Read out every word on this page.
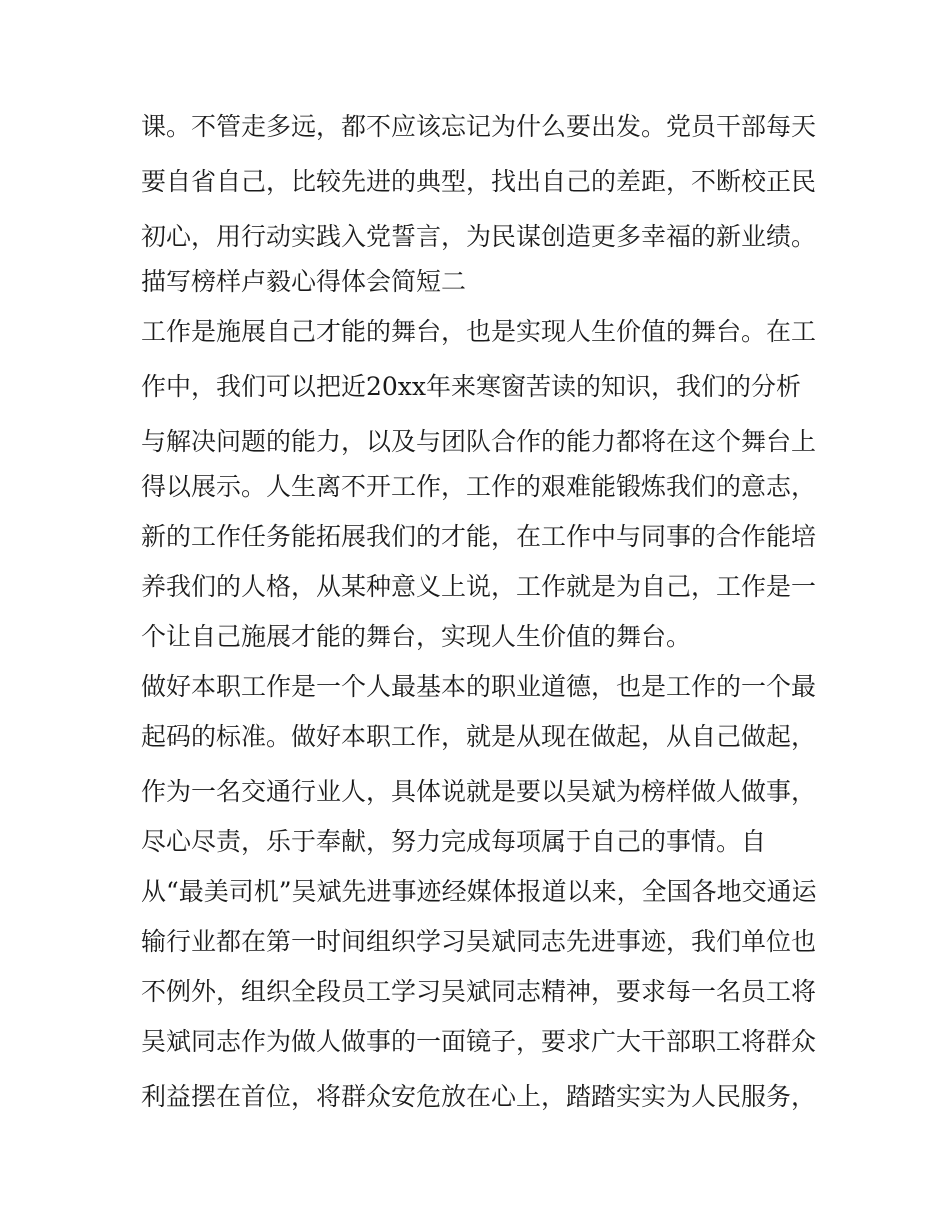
课。不管走多远，都不应该忘记为什么要出发。党员干部每天
要自省自己，比较先进的典型，找出自己的差距，不断校正民
初心，用行动实践入党誓言，为民谋创造更多幸福的新业绩。
描写榜样卢毅心得体会简短二
工作是施展自己才能的舞台，也是实现人生价值的舞台。在工
作中，我们可以把近20xx年来寒窗苦读的知识，我们的分析
与解决问题的能力，以及与团队合作的能力都将在这个舞台上
得以展示。人生离不开工作，工作的艰难能锻炼我们的意志，
新的工作任务能拓展我们的才能，在工作中与同事的合作能培
养我们的人格，从某种意义上说，工作就是为自己，工作是一
个让自己施展才能的舞台，实现人生价值的舞台。
做好本职工作是一个人最基本的职业道德，也是工作的一个最
起码的标准。做好本职工作，就是从现在做起，从自己做起，
作为一名交通行业人，具体说就是要以吴斌为榜样做人做事，
尽心尽责，乐于奉献，努力完成每项属于自己的事情。自
从“最美司机”吴斌先进事迹经媒体报道以来，全国各地交通运
输行业都在第一时间组织学习吴斌同志先进事迹，我们单位也
不例外，组织全段员工学习吴斌同志精神，要求每一名员工将
吴斌同志作为做人做事的一面镜子，要求广大干部职工将群众
利益摆在首位，将群众安危放在心上，踏踏实实为人民服务，
